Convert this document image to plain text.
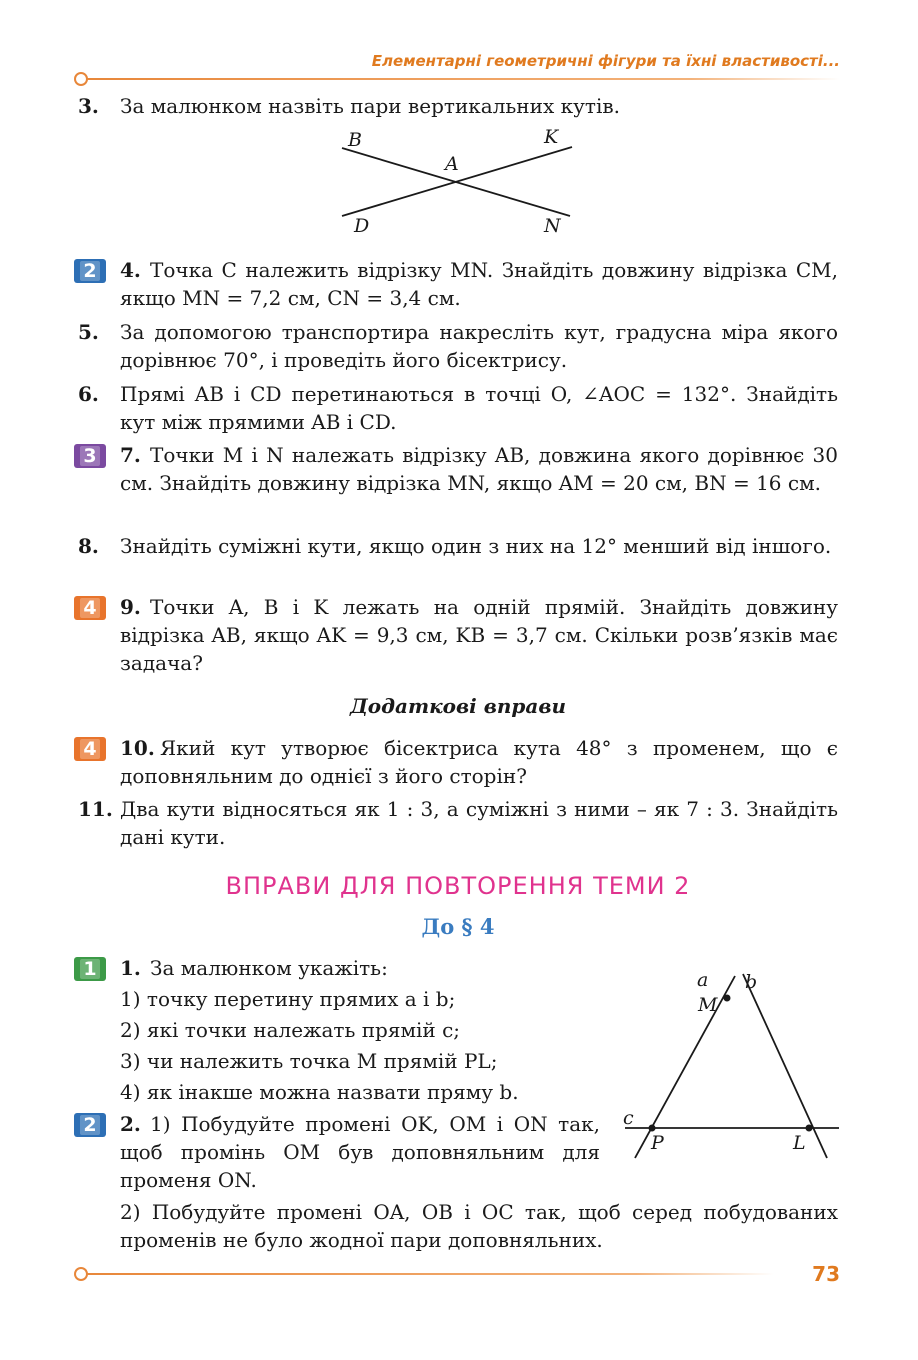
Елементарні геометричні фігури та їхні властивості...
3. За малюнком назвіть пари вертикальних кутів.
B	K
A
D	N
2	4. Точка C належить відрізку MN. Знайдіть довжину відрізка CM, якщо MN = 7,2 см, CN = 3,4 см.
5. За допомогою транспортира накресліть кут, градусна міра якого дорівнює 70°, і проведіть його бісектрису.
6. Прямі AB і CD перетинаються в точці O, ∠AOC = 132°. Знайдіть кут між прямими AB і CD.
3	7. Точки M і N належать відрізку AB, довжина якого дорівнює 30 см. Знайдіть довжину відрізка MN, якщо AM = 20 см, BN = 16 см.
8. Знайдіть суміжні кути, якщо один з них на 12° менший від іншого.
4	9. Точки A, B і K лежать на одній прямій. Знайдіть довжину відрізка AB, якщо AK = 9,3 см, KB = 3,7 см. Скільки розв’язків має задача?
Додаткові вправи
4	10. Який кут утворює бісектриса кута 48° з променем, що є доповняльним до однієї з його сторін?
11. Два кути відносяться як 1 : 3, а суміжні з ними – як 7 : 3. Знайдіть дані кути.
ВПРАВИ ДЛЯ ПОВТОРЕННЯ ТЕМИ 2
До § 4
1	1. За малюнком укажіть:
1) точку перетину прямих a і b;
2) які точки належать прямій c;
3) чи належить точка M прямій PL;
4) як інакше можна назвати пряму b.
a b
M
c
P	L
2	2. 1) Побудуйте промені OK, OM і ON так, щоб промінь OM був доповняльним для променя ON.
2) Побудуйте промені OA, OB і OC так, щоб серед побудованих променів не було жодної пари доповняльних.
73
